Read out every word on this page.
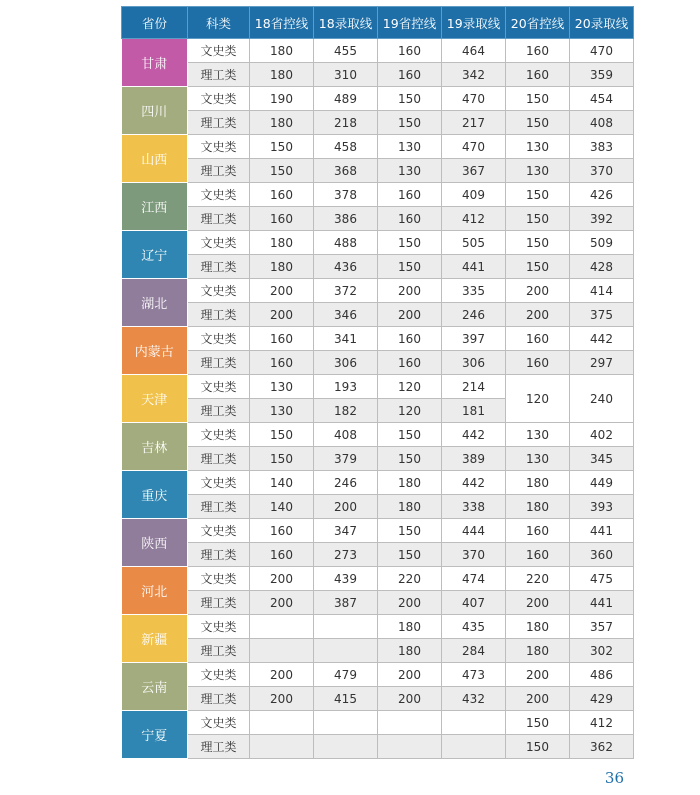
省份	科类	18省控线	18录取线	19省控线	19录取线	20省控线	20录取线
甘肃	文史类	180	455	160	464	160	470
	理工类	180	310	160	342	160	359
四川	文史类	190	489	150	470	150	454
	理工类	180	218	150	217	150	408
山西	文史类	150	458	130	470	130	383
	理工类	150	368	130	367	130	370
江西	文史类	160	378	160	409	150	426
	理工类	160	386	160	412	150	392
辽宁	文史类	180	488	150	505	150	509
	理工类	180	436	150	441	150	428
湖北	文史类	200	372	200	335	200	414
	理工类	200	346	200	246	200	375
内蒙古	文史类	160	341	160	397	160	442
	理工类	160	306	160	306	160	297
天津	文史类	130	193	120	214	120	240
	理工类	130	182	120	181		
吉林	文史类	150	408	150	442	130	402
	理工类	150	379	150	389	130	345
重庆	文史类	140	246	180	442	180	449
	理工类	140	200	180	338	180	393
陕西	文史类	160	347	150	444	160	441
	理工类	160	273	150	370	160	360
河北	文史类	200	439	220	474	220	475
	理工类	200	387	200	407	200	441
新疆	文史类			180	435	180	357
	理工类			180	284	180	302
云南	文史类	200	479	200	473	200	486
	理工类	200	415	200	432	200	429
宁夏	文史类					150	412
	理工类					150	362
36
